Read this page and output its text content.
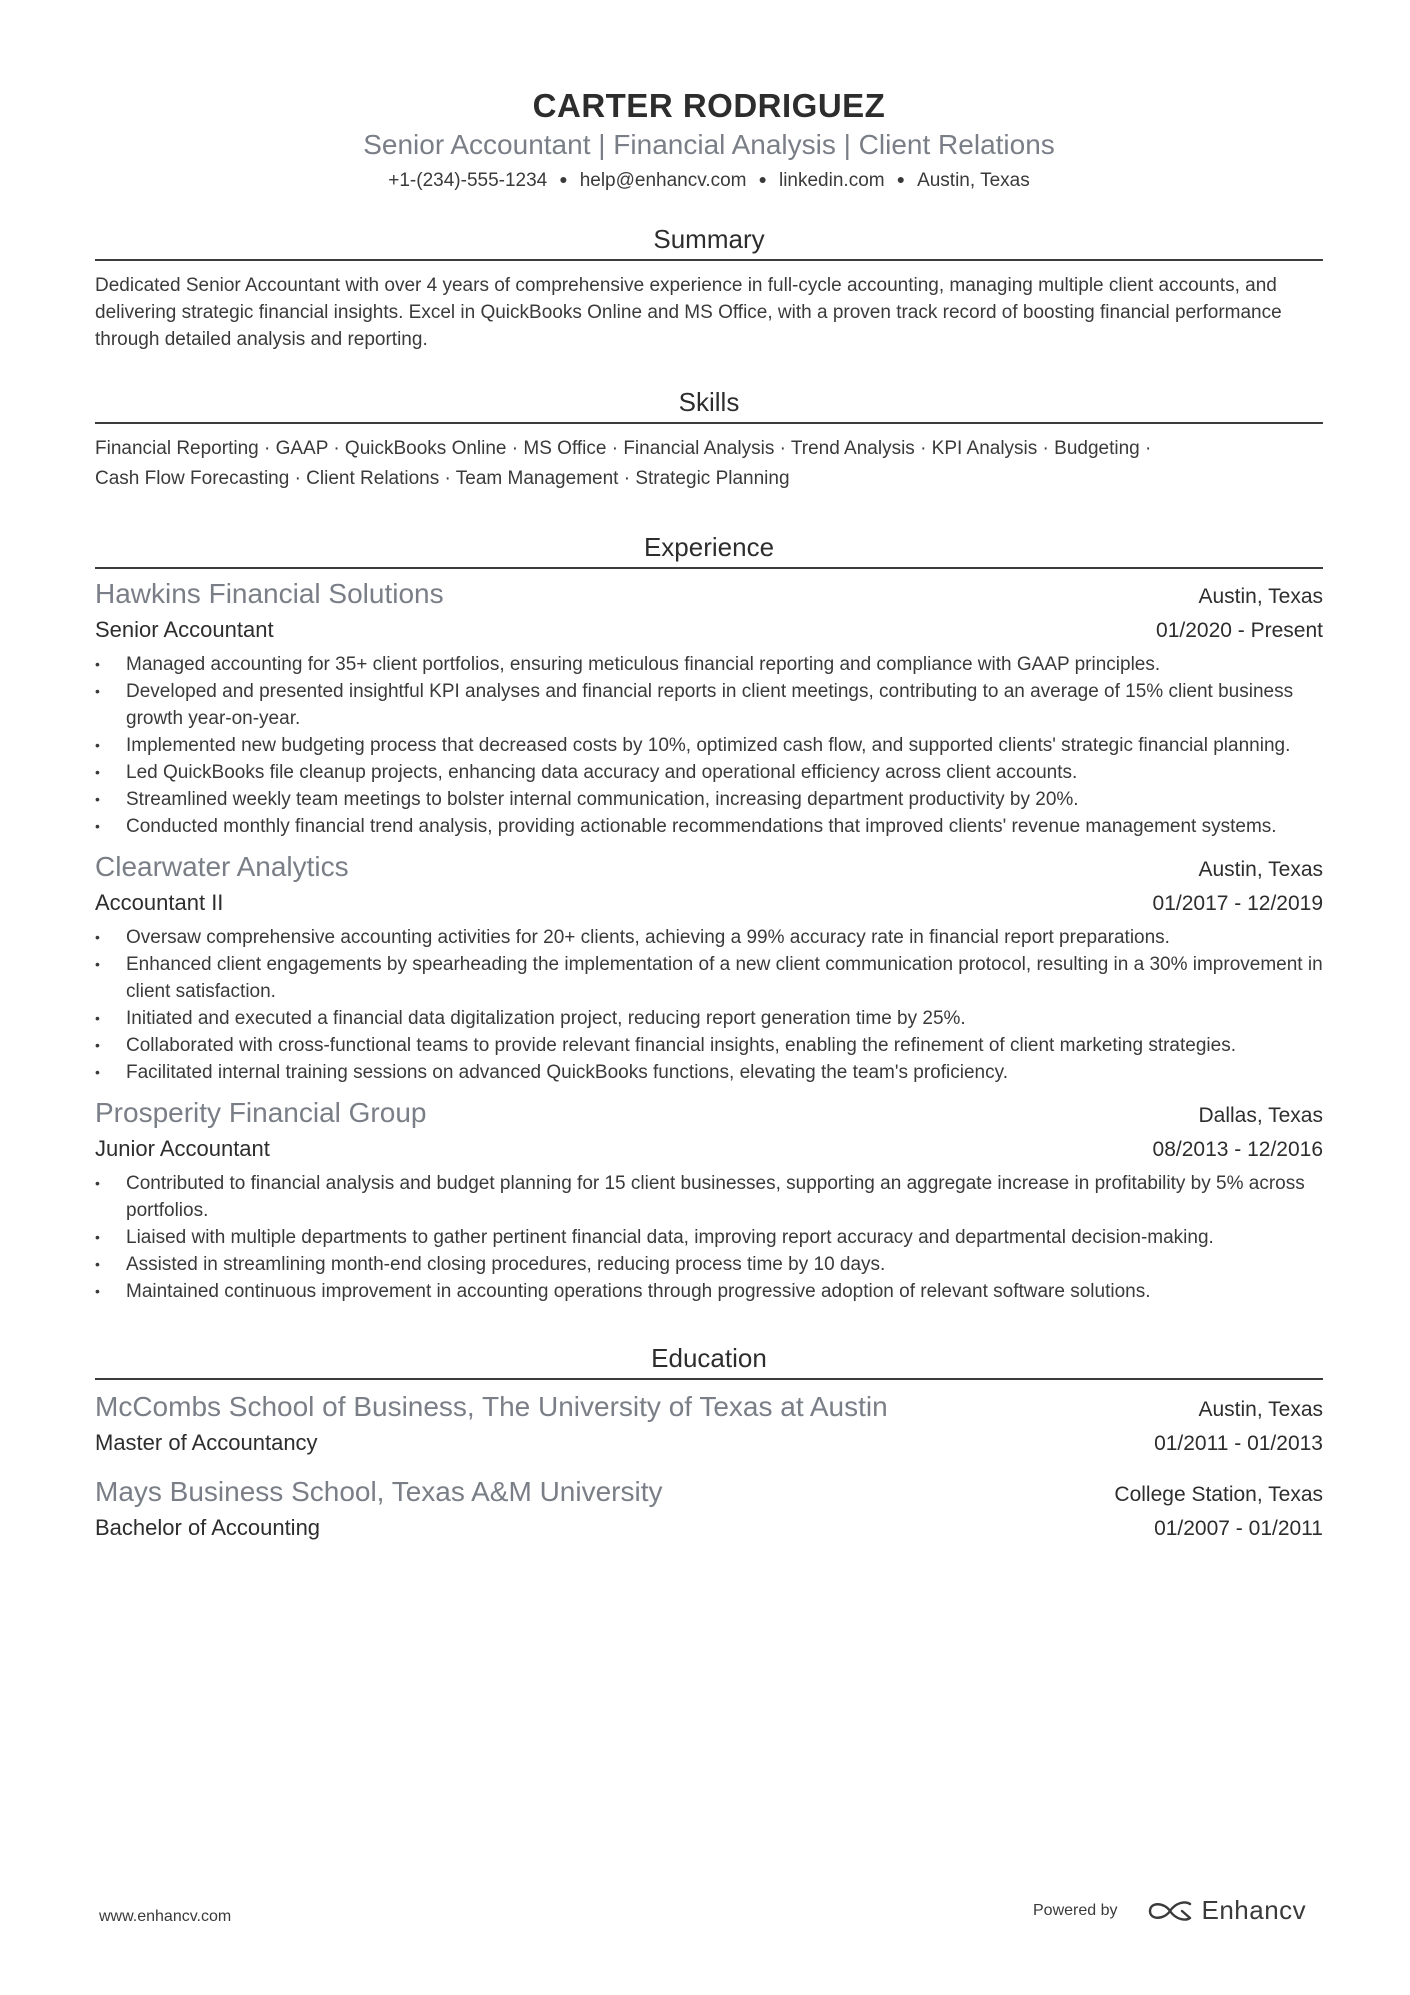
CARTER RODRIGUEZ
Senior Accountant | Financial Analysis | Client Relations
+1-(234)-555-1234 ● help@enhancv.com ● linkedin.com ● Austin, Texas
Summary
Dedicated Senior Accountant with over 4 years of comprehensive experience in full-cycle accounting, managing multiple client accounts, and delivering strategic financial insights. Excel in QuickBooks Online and MS Office, with a proven track record of boosting financial performance through detailed analysis and reporting.
Skills
Financial Reporting · GAAP · QuickBooks Online · MS Office · Financial Analysis · Trend Analysis · KPI Analysis · Budgeting ·
Cash Flow Forecasting · Client Relations · Team Management · Strategic Planning
Experience
Hawkins Financial Solutions	Austin, Texas
Senior Accountant	01/2020 - Present
• Managed accounting for 35+ client portfolios, ensuring meticulous financial reporting and compliance with GAAP principles.
• Developed and presented insightful KPI analyses and financial reports in client meetings, contributing to an average of 15% client business growth year-on-year.
• Implemented new budgeting process that decreased costs by 10%, optimized cash flow, and supported clients' strategic financial planning.
• Led QuickBooks file cleanup projects, enhancing data accuracy and operational efficiency across client accounts.
• Streamlined weekly team meetings to bolster internal communication, increasing department productivity by 20%.
• Conducted monthly financial trend analysis, providing actionable recommendations that improved clients' revenue management systems.
Clearwater Analytics	Austin, Texas
Accountant II	01/2017 - 12/2019
• Oversaw comprehensive accounting activities for 20+ clients, achieving a 99% accuracy rate in financial report preparations.
• Enhanced client engagements by spearheading the implementation of a new client communication protocol, resulting in a 30% improvement in client satisfaction.
• Initiated and executed a financial data digitalization project, reducing report generation time by 25%.
• Collaborated with cross-functional teams to provide relevant financial insights, enabling the refinement of client marketing strategies.
• Facilitated internal training sessions on advanced QuickBooks functions, elevating the team's proficiency.
Prosperity Financial Group	Dallas, Texas
Junior Accountant	08/2013 - 12/2016
• Contributed to financial analysis and budget planning for 15 client businesses, supporting an aggregate increase in profitability by 5% across portfolios.
• Liaised with multiple departments to gather pertinent financial data, improving report accuracy and departmental decision-making.
• Assisted in streamlining month-end closing procedures, reducing process time by 10 days.
• Maintained continuous improvement in accounting operations through progressive adoption of relevant software solutions.
Education
McCombs School of Business, The University of Texas at Austin	Austin, Texas
Master of Accountancy	01/2011 - 01/2013
Mays Business School, Texas A&M University	College Station, Texas
Bachelor of Accounting	01/2007 - 01/2011
www.enhancv.com	Powered by	Enhancv
